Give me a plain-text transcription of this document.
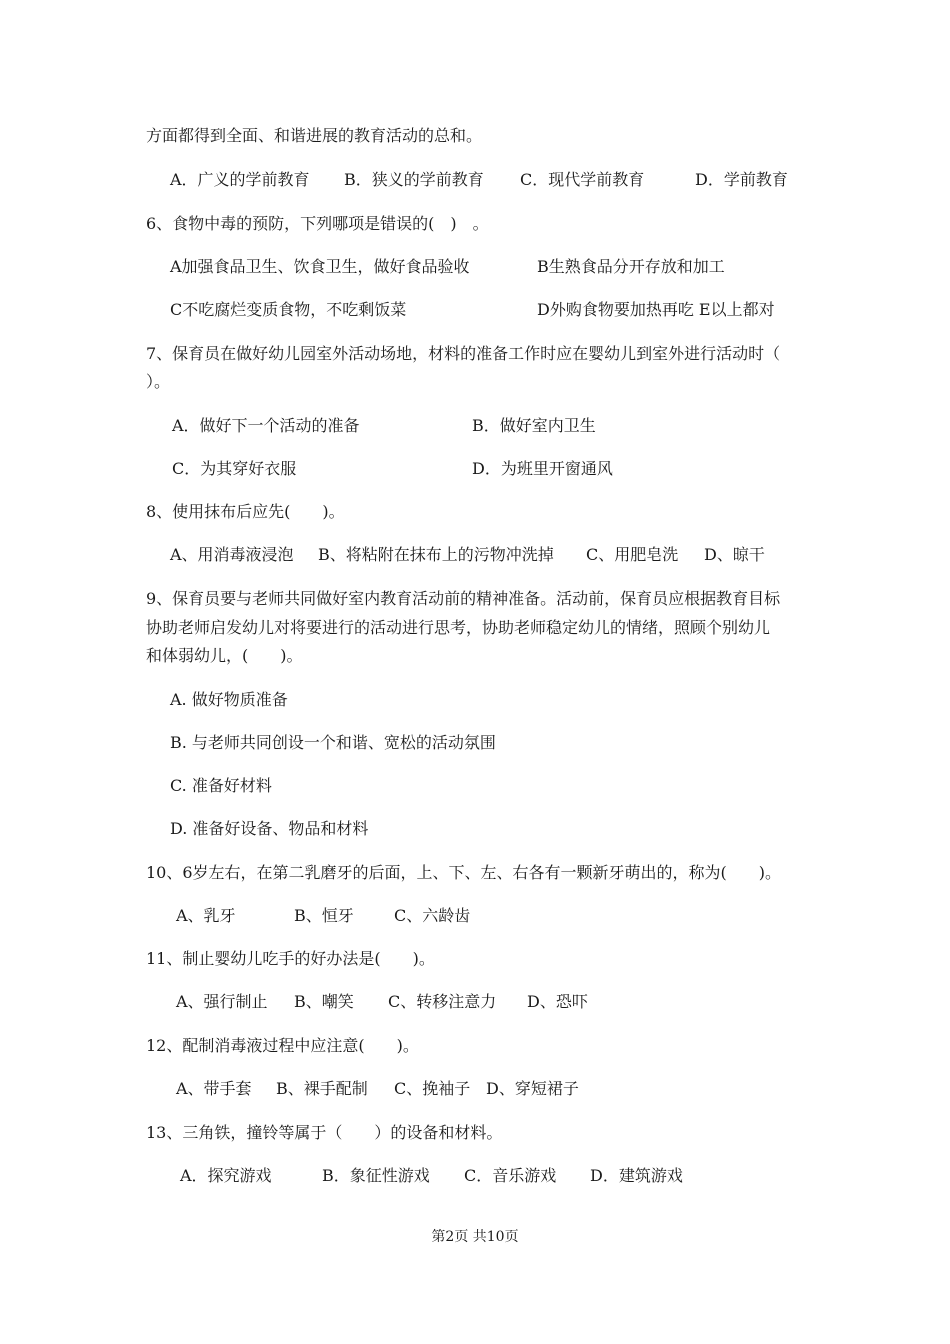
方面都得到全面、和谐进展的教育活动的总和。
A．广义的学前教育 B．狭义的学前教育 C．现代学前教育	D．学前教育
6、食物中毒的预防，下列哪项是错误的(　)　。
A加强食品卫生、饮食卫生，做好食品验收	B生熟食品分开存放和加工
C不吃腐烂变质食物，不吃剩饭菜	D外购食物要加热再吃 E以上都对
7、保育员在做好幼儿园室外活动场地，材料的准备工作时应在婴幼儿到室外进行活动时（
）。
A．做好下一个活动的准备	B．做好室内卫生
C．为其穿好衣服	D．为班里开窗通风
8、使用抹布后应先(　　)。
A、用消毒液浸泡 B、将粘附在抹布上的污物冲洗掉 C、用肥皂洗 D、晾干
9、保育员要与老师共同做好室内教育活动前的精神准备。活动前，保育员应根据教育目标
协助老师启发幼儿对将要进行的活动进行思考，协助老师稳定幼儿的情绪，照顾个别幼儿
和体弱幼儿，(　　)。
A. 做好物质准备
B. 与老师共同创设一个和谐、宽松的活动氛围
C. 准备好材料
D. 准备好设备、物品和材料
10、6岁左右，在第二乳磨牙的后面，上、下、左、右各有一颗新牙萌出的，称为(　　)。
A、乳牙	B、恒牙	C、六龄齿
11、制止婴幼儿吃手的好办法是(　　)。
A、强行制止 B、嘲笑 C、转移注意力 D、恐吓
12、配制消毒液过程中应注意(　　)。
A、带手套 B、裸手配制 C、挽袖子 D、穿短裙子
13、三角铁，撞铃等属于（　　）的设备和材料。
A．探究游戏	B．象征性游戏 C．音乐游戏 D．建筑游戏
第2页 共10页
